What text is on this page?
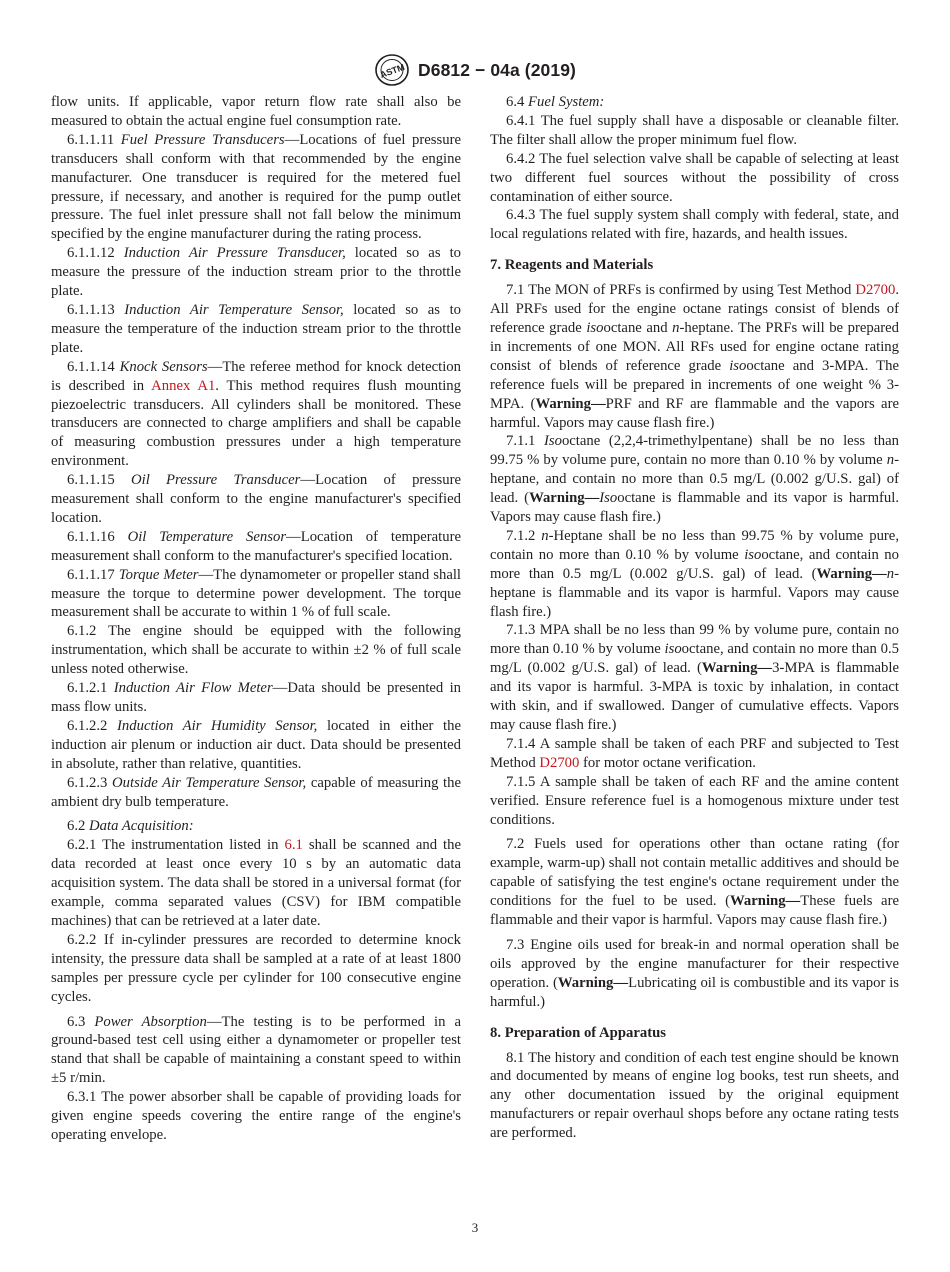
ASTM D6812 − 04a (2019)

flow units. If applicable, vapor return flow rate shall also be measured to obtain the actual engine fuel consumption rate.

6.1.1.11 Fuel Pressure Transducers—Locations of fuel pressure transducers shall conform with that recommended by the engine manufacturer. One transducer is required for the metered fuel pressure, if necessary, and another is required for the pump outlet pressure. The fuel inlet pressure shall not fall below the minimum specified by the engine manufacturer during the rating process.

6.1.1.12 Induction Air Pressure Transducer, located so as to measure the pressure of the induction stream prior to the throttle plate.

6.1.1.13 Induction Air Temperature Sensor, located so as to measure the temperature of the induction stream prior to the throttle plate.

6.1.1.14 Knock Sensors—The referee method for knock detection is described in Annex A1. This method requires flush mounting piezoelectric transducers. All cylinders shall be monitored. These transducers are connected to charge amplifiers and shall be capable of measuring combustion pressures under a high temperature environment.

6.1.1.15 Oil Pressure Transducer—Location of pressure measurement shall conform to the engine manufacturer's specified location.

6.1.1.16 Oil Temperature Sensor—Location of temperature measurement shall conform to the manufacturer's specified location.

6.1.1.17 Torque Meter—The dynamometer or propeller stand shall measure the torque to determine power development. The torque measurement shall be accurate to within 1 % of full scale.

6.1.2 The engine should be equipped with the following instrumentation, which shall be accurate to within ±2 % of full scale unless noted otherwise.

6.1.2.1 Induction Air Flow Meter—Data should be presented in mass flow units.

6.1.2.2 Induction Air Humidity Sensor, located in either the induction air plenum or induction air duct. Data should be presented in absolute, rather than relative, quantities.

6.1.2.3 Outside Air Temperature Sensor, capable of measuring the ambient dry bulb temperature.

6.2 Data Acquisition:

6.2.1 The instrumentation listed in 6.1 shall be scanned and the data recorded at least once every 10 s by an automatic data acquisition system. The data shall be stored in a universal format (for example, comma separated values (CSV) for IBM compatible machines) that can be retrieved at a later date.

6.2.2 If in-cylinder pressures are recorded to determine knock intensity, the pressure data shall be sampled at a rate of at least 1800 samples per pressure cycle per cylinder for 100 consecutive engine cycles.

6.3 Power Absorption—The testing is to be performed in a ground-based test cell using either a dynamometer or propeller test stand that shall be capable of maintaining a constant speed to within ±5 r/min.

6.3.1 The power absorber shall be capable of providing loads for given engine speeds covering the entire range of the engine's operating envelope.

6.4 Fuel System:

6.4.1 The fuel supply shall have a disposable or cleanable filter. The filter shall allow the proper minimum fuel flow.

6.4.2 The fuel selection valve shall be capable of selecting at least two different fuel sources without the possibility of cross contamination of either source.

6.4.3 The fuel supply system shall comply with federal, state, and local regulations related with fire, hazards, and health issues.

7. Reagents and Materials

7.1 The MON of PRFs is confirmed by using Test Method D2700. All PRFs used for the engine octane ratings consist of blends of reference grade isooctane and n-heptane. The PRFs will be prepared in increments of one MON. All RFs used for engine octane rating consist of blends of reference grade isooctane and 3-MPA. The reference fuels will be prepared in increments of one weight % 3-MPA. (Warning—PRF and RF are flammable and the vapors are harmful. Vapors may cause flash fire.)

7.1.1 Isooctane (2,2,4-trimethylpentane) shall be no less than 99.75 % by volume pure, contain no more than 0.10 % by volume n-heptane, and contain no more than 0.5 mg/L (0.002 g/U.S. gal) of lead. (Warning—Isooctane is flammable and its vapor is harmful. Vapors may cause flash fire.)

7.1.2 n-Heptane shall be no less than 99.75 % by volume pure, contain no more than 0.10 % by volume isooctane, and contain no more than 0.5 mg/L (0.002 g/U.S. gal) of lead. (Warning—n-heptane is flammable and its vapor is harmful. Vapors may cause flash fire.)

7.1.3 MPA shall be no less than 99 % by volume pure, contain no more than 0.10 % by volume isooctane, and contain no more than 0.5 mg/L (0.002 g/U.S. gal) of lead. (Warning—3-MPA is flammable and its vapor is harmful. 3-MPA is toxic by inhalation, in contact with skin, and if swallowed. Danger of cumulative effects. Vapors may cause flash fire.)

7.1.4 A sample shall be taken of each PRF and subjected to Test Method D2700 for motor octane verification.

7.1.5 A sample shall be taken of each RF and the amine content verified. Ensure reference fuel is a homogenous mixture under test conditions.

7.2 Fuels used for operations other than octane rating (for example, warm-up) shall not contain metallic additives and should be capable of satisfying the test engine's octane requirement under the conditions for the fuel to be used. (Warning—These fuels are flammable and their vapor is harmful. Vapors may cause flash fire.)

7.3 Engine oils used for break-in and normal operation shall be oils approved by the engine manufacturer for their respective operation. (Warning—Lubricating oil is combustible and its vapor is harmful.)

8. Preparation of Apparatus

8.1 The history and condition of each test engine should be known and documented by means of engine log books, test run sheets, and any other documentation issued by the original equipment manufacturers or repair overhaul shops before any octane rating tests are performed.

3
